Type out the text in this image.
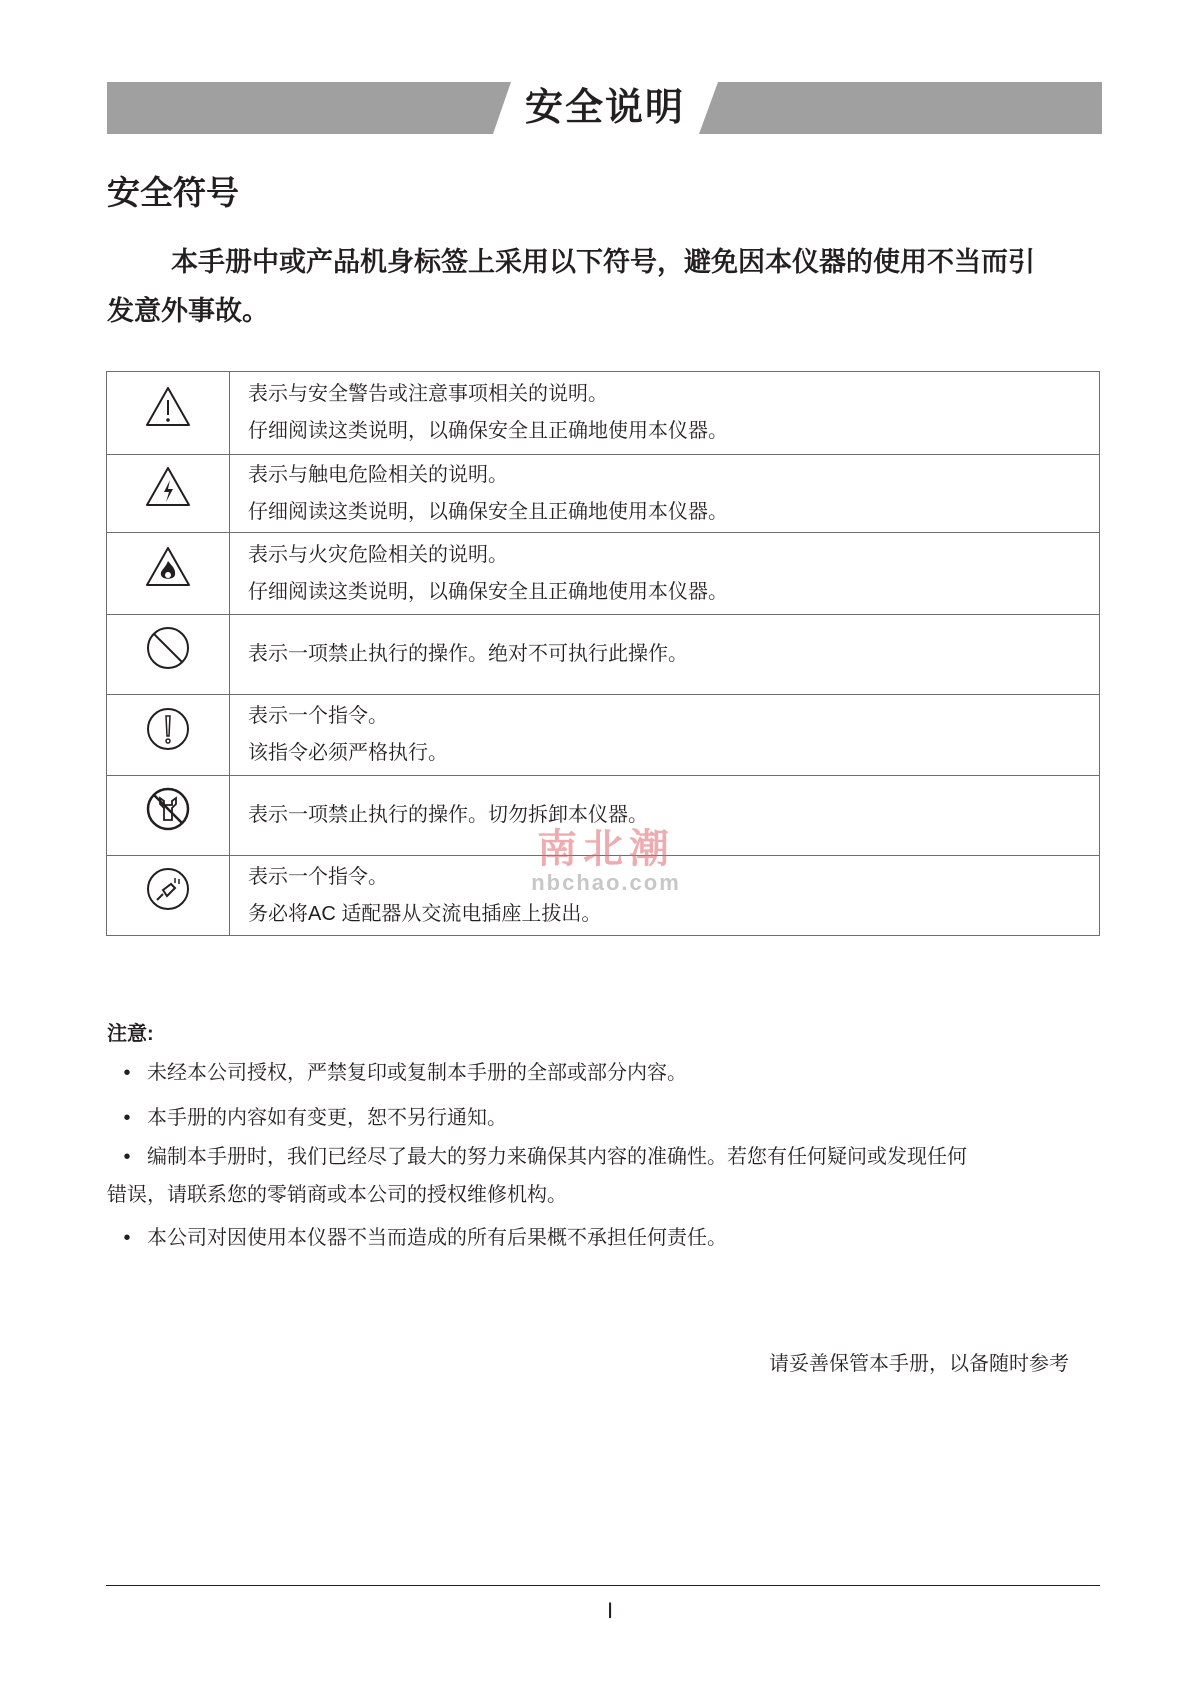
安全说明
安全符号
本手册中或产品机身标签上采用以下符号，避免因本仪器的使用不当而引
发意外事故。

表示与安全警告或注意事项相关的说明。
仔细阅读这类说明，以确保安全且正确地使用本仪器。

表示与触电危险相关的说明。
仔细阅读这类说明，以确保安全且正确地使用本仪器。

表示与火灾危险相关的说明。
仔细阅读这类说明，以确保安全且正确地使用本仪器。

表示一项禁止执行的操作。绝对不可执行此操作。

表示一个指令。
该指令必须严格执行。

表示一项禁止执行的操作。切勿拆卸本仪器。

表示一个指令。
务必将AC 适配器从交流电插座上拔出。
南北潮
nbchao.com
注意:
• 未经本公司授权，严禁复印或复制本手册的全部或部分内容。
• 本手册的内容如有变更，恕不另行通知。
• 编制本手册时，我们已经尽了最大的努力来确保其内容的准确性。若您有任何疑问或发现任何
错误，请联系您的零销商或本公司的授权维修机构。
• 本公司对因使用本仪器不当而造成的所有后果概不承担任何责任。
请妥善保管本手册，以备随时参考
I
